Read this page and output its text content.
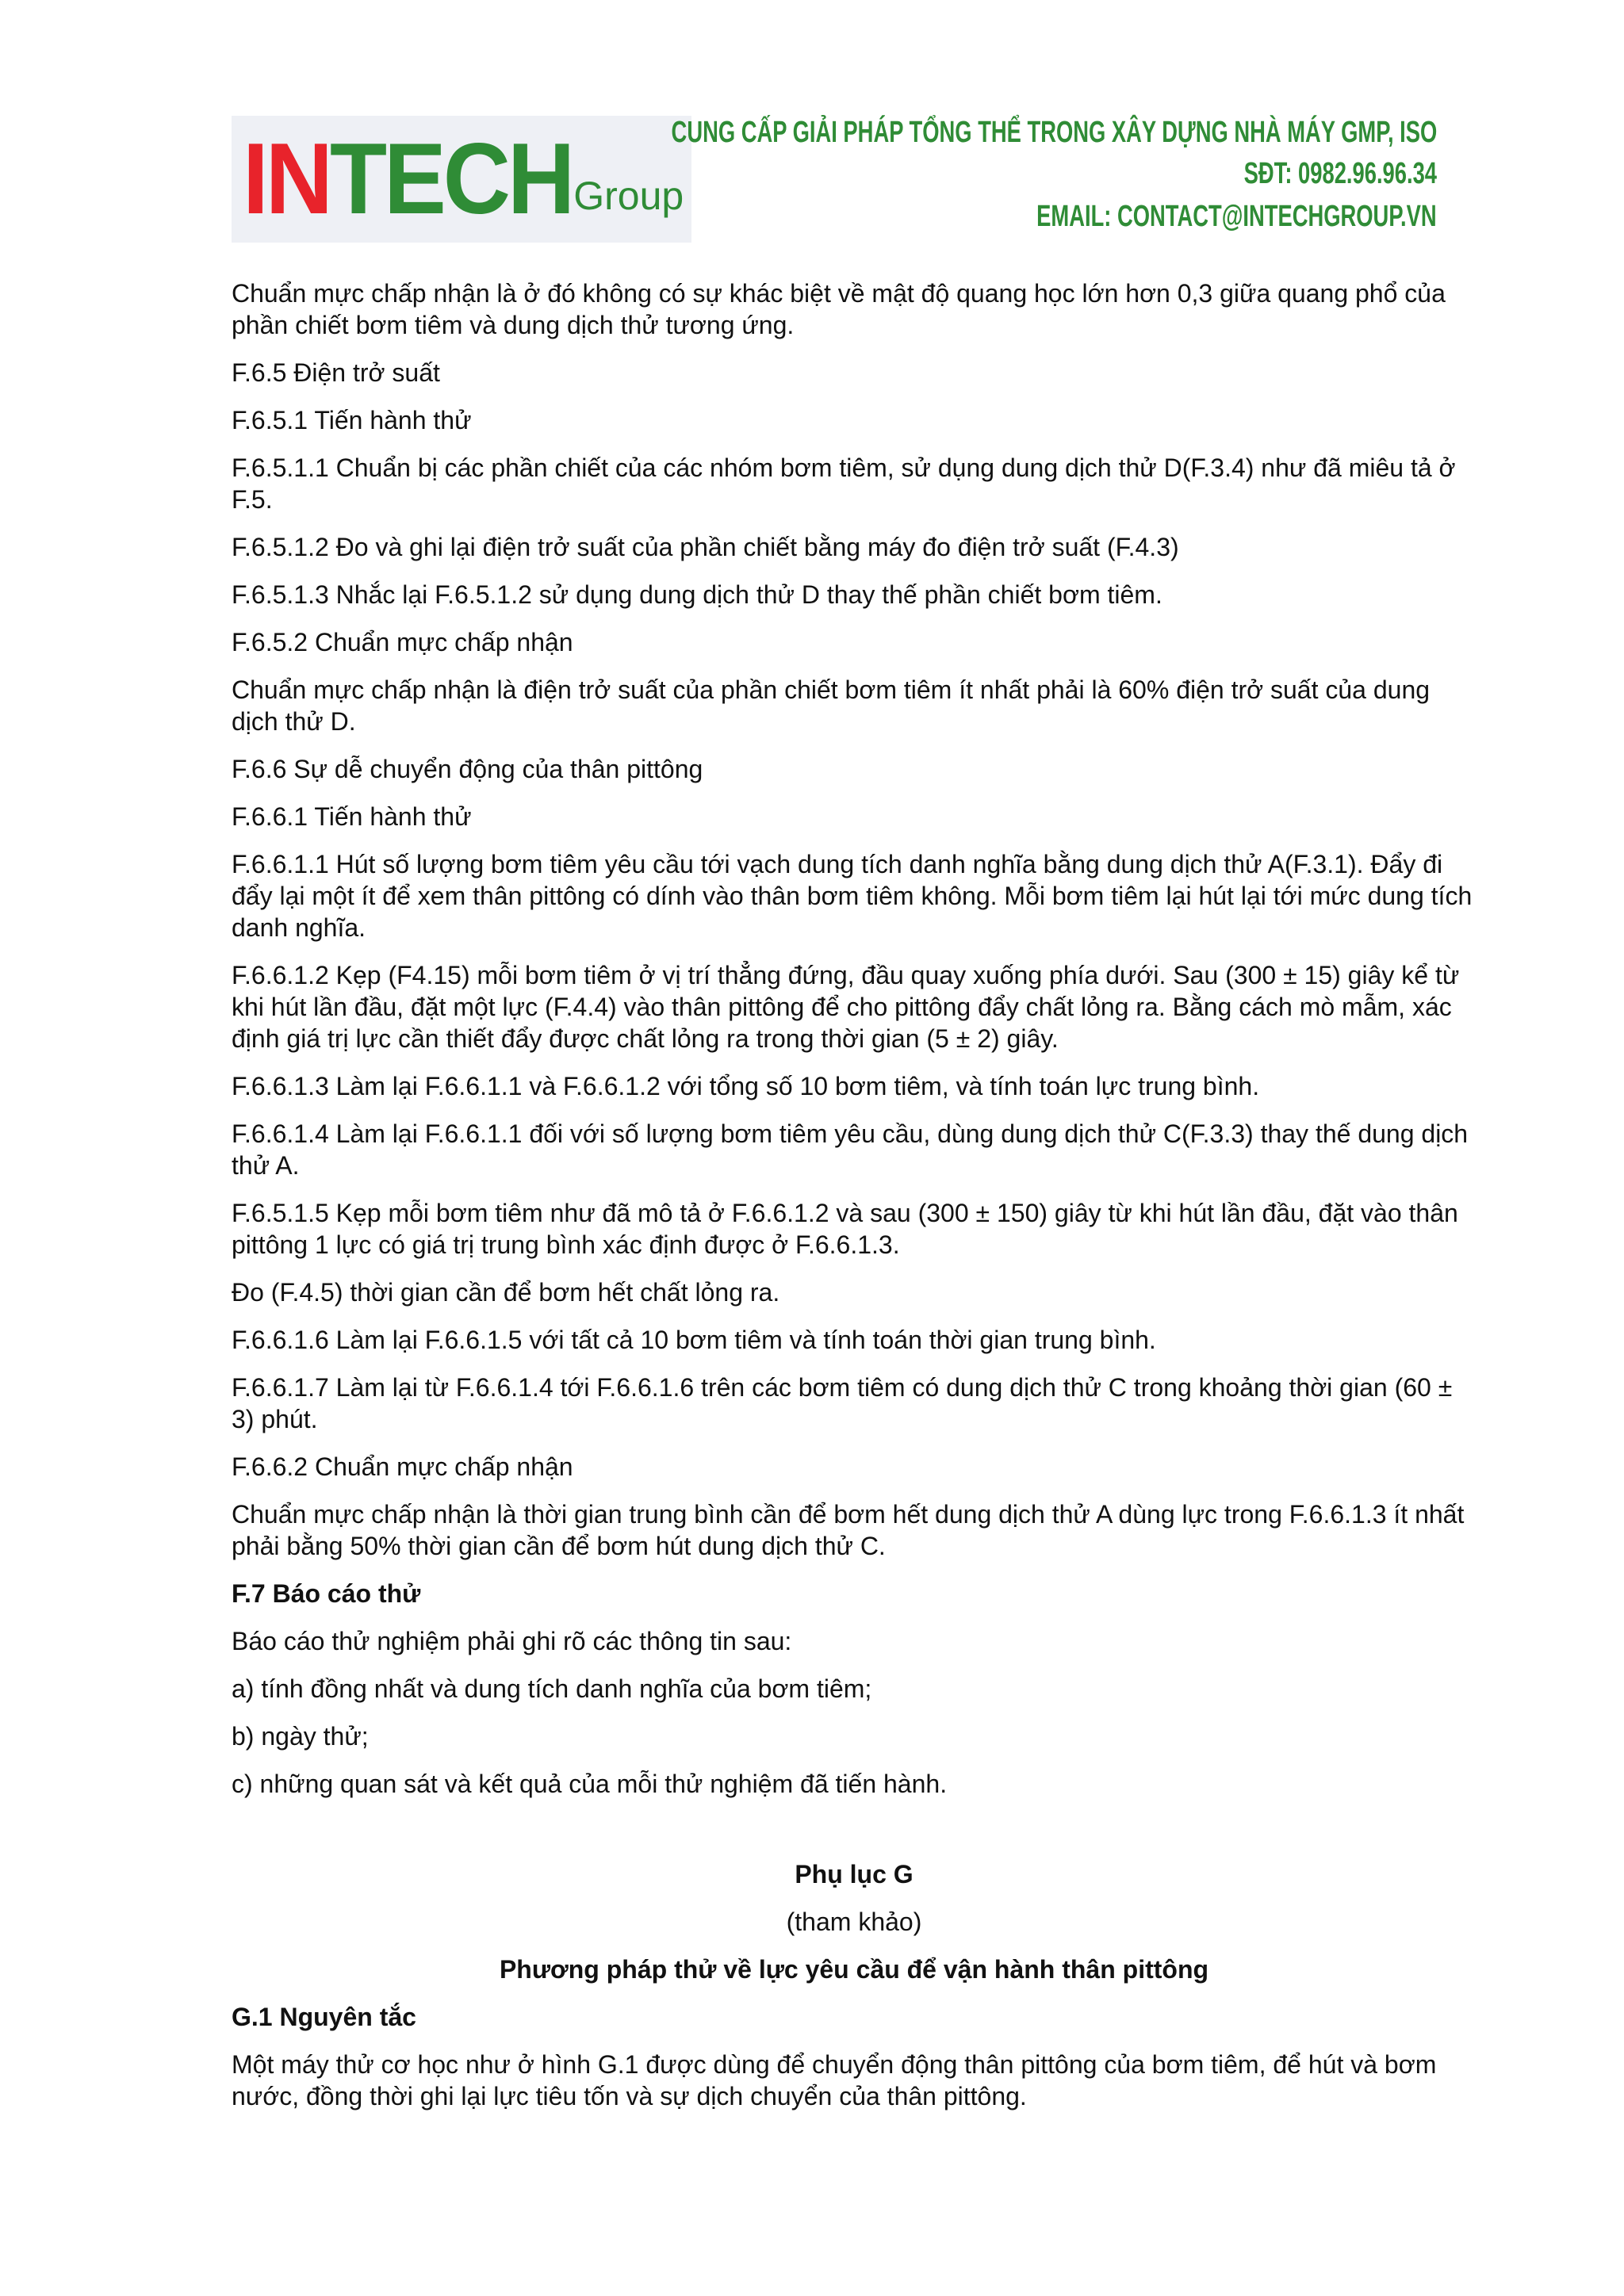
INTECH Group
CUNG CẤP GIẢI PHÁP TỔNG THỂ TRONG XÂY DỰNG NHÀ MÁY GMP, ISO
SĐT: 0982.96.96.34
EMAIL: CONTACT@INTECHGROUP.VN

Chuẩn mực chấp nhận là ở đó không có sự khác biệt về mật độ quang học lớn hơn 0,3 giữa quang phổ của phần chiết bơm tiêm và dung dịch thử tương ứng.

F.6.5 Điện trở suất

F.6.5.1 Tiến hành thử

F.6.5.1.1 Chuẩn bị các phần chiết của các nhóm bơm tiêm, sử dụng dung dịch thử D(F.3.4) như đã miêu tả ở F.5.

F.6.5.1.2 Đo và ghi lại điện trở suất của phần chiết bằng máy đo điện trở suất (F.4.3)

F.6.5.1.3 Nhắc lại F.6.5.1.2 sử dụng dung dịch thử D thay thế phần chiết bơm tiêm.

F.6.5.2 Chuẩn mực chấp nhận

Chuẩn mực chấp nhận là điện trở suất của phần chiết bơm tiêm ít nhất phải là 60% điện trở suất của dung dịch thử D.

F.6.6 Sự dễ chuyển động của thân pittông

F.6.6.1 Tiến hành thử

F.6.6.1.1 Hút số lượng bơm tiêm yêu cầu tới vạch dung tích danh nghĩa bằng dung dịch thử A(F.3.1). Đẩy đi đẩy lại một ít để xem thân pittông có dính vào thân bơm tiêm không. Mỗi bơm tiêm lại hút lại tới mức dung tích danh nghĩa.

F.6.6.1.2 Kẹp (F4.15) mỗi bơm tiêm ở vị trí thẳng đứng, đầu quay xuống phía dưới. Sau (300 ± 15) giây kể từ khi hút lần đầu, đặt một lực (F.4.4) vào thân pittông để cho pittông đẩy chất lỏng ra. Bằng cách mò mẫm, xác định giá trị lực cần thiết đẩy được chất lỏng ra trong thời gian (5 ± 2) giây.

F.6.6.1.3 Làm lại F.6.6.1.1 và F.6.6.1.2 với tổng số 10 bơm tiêm, và tính toán lực trung bình.

F.6.6.1.4 Làm lại F.6.6.1.1 đối với số lượng bơm tiêm yêu cầu, dùng dung dịch thử C(F.3.3) thay thế dung dịch thử A.

F.6.5.1.5 Kẹp mỗi bơm tiêm như đã mô tả ở F.6.6.1.2 và sau (300 ± 150) giây từ khi hút lần đầu, đặt vào thân pittông 1 lực có giá trị trung bình xác định được ở F.6.6.1.3.

Đo (F.4.5) thời gian cần để bơm hết chất lỏng ra.

F.6.6.1.6 Làm lại F.6.6.1.5 với tất cả 10 bơm tiêm và tính toán thời gian trung bình.

F.6.6.1.7 Làm lại từ F.6.6.1.4 tới F.6.6.1.6 trên các bơm tiêm có dung dịch thử C trong khoảng thời gian (60 ± 3) phút.

F.6.6.2 Chuẩn mực chấp nhận

Chuẩn mực chấp nhận là thời gian trung bình cần để bơm hết dung dịch thử A dùng lực trong F.6.6.1.3 ít nhất phải bằng 50% thời gian cần để bơm hút dung dịch thử C.

F.7 Báo cáo thử

Báo cáo thử nghiệm phải ghi rõ các thông tin sau:

a) tính đồng nhất và dung tích danh nghĩa của bơm tiêm;

b) ngày thử;

c) những quan sát và kết quả của mỗi thử nghiệm đã tiến hành.

Phụ lục G

(tham khảo)

Phương pháp thử về lực yêu cầu để vận hành thân pittông

G.1 Nguyên tắc

Một máy thử cơ học như ở hình G.1 được dùng để chuyển động thân pittông của bơm tiêm, để hút và bơm nước, đồng thời ghi lại lực tiêu tốn và sự dịch chuyển của thân pittông.
